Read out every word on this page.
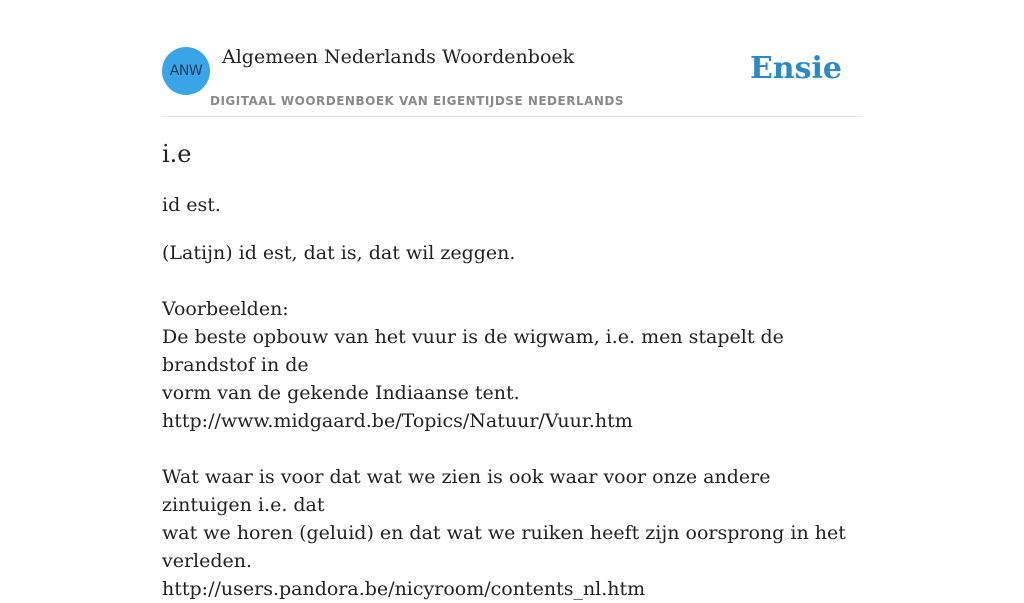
ANW
Algemeen Nederlands Woordenboek
DIGITAAL WOORDENBOEK VAN EIGENTIJDSE NEDERLANDS
Ensie
i.e
id est.

(Latijn) id est, dat is, dat wil zeggen.

Voorbeelden:

De beste opbouw van het vuur is de wigwam, i.e. men stapelt de brandstof in de

vorm van de gekende Indiaanse tent.

http://www.midgaard.be/Topics/Natuur/Vuur.htm

Wat waar is voor dat wat we zien is ook waar voor onze andere zintuigen i.e. dat

wat we horen (geluid) en dat wat we ruiken heeft zijn oorsprong in het verleden.

http://users.pandora.be/nicyroom/contents_nl.htm
